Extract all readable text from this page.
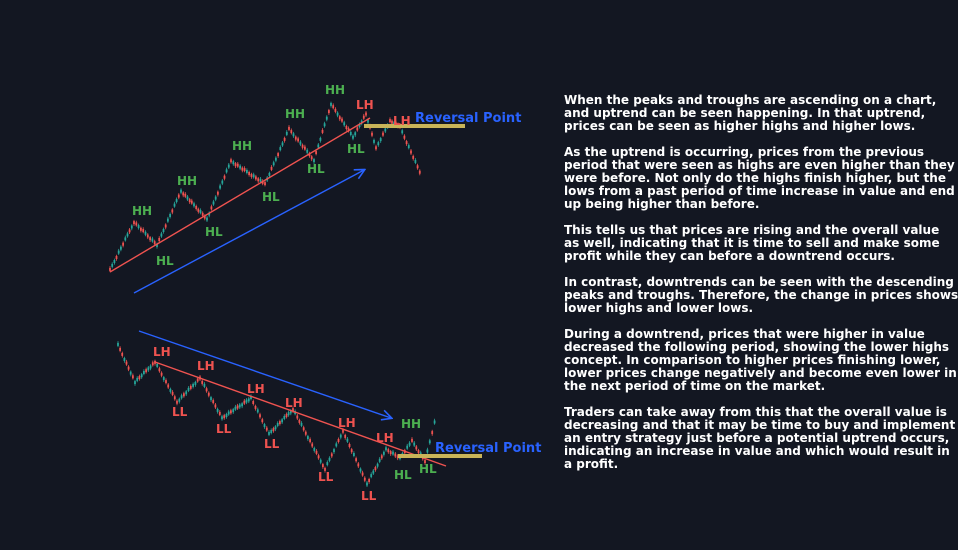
HH
HL
HH
HL
HH
HL
HH
HL
HH
HL
LH
LH Reversal Point
LH
LL
LH
LL
LH
LL
LH
LL
LH
LL
LH
HH
HL HL
Reversal Point

When the peaks and troughs are ascending on a chart,
and uptrend can be seen happening. In that uptrend,
prices can be seen as higher highs and higher lows.

As the uptrend is occurring, prices from the previous
period that were seen as highs are even higher than they
were before. Not only do the highs finish higher, but the
lows from a past period of time increase in value and end
up being higher than before.

This tells us that prices are rising and the overall value
as well, indicating that it is time to sell and make some
profit while they can before a downtrend occurs.

In contrast, downtrends can be seen with the descending
peaks and troughs. Therefore, the change in prices shows
lower highs and lower lows.

During a downtrend, prices that were higher in value
decreased the following period, showing the lower highs
concept. In comparison to higher prices finishing lower,
lower prices change negatively and become even lower in
the next period of time on the market.

Traders can take away from this that the overall value is
decreasing and that it may be time to buy and implement
an entry strategy just before a potential uptrend occurs,
indicating an increase in value and which would result in
a profit.
